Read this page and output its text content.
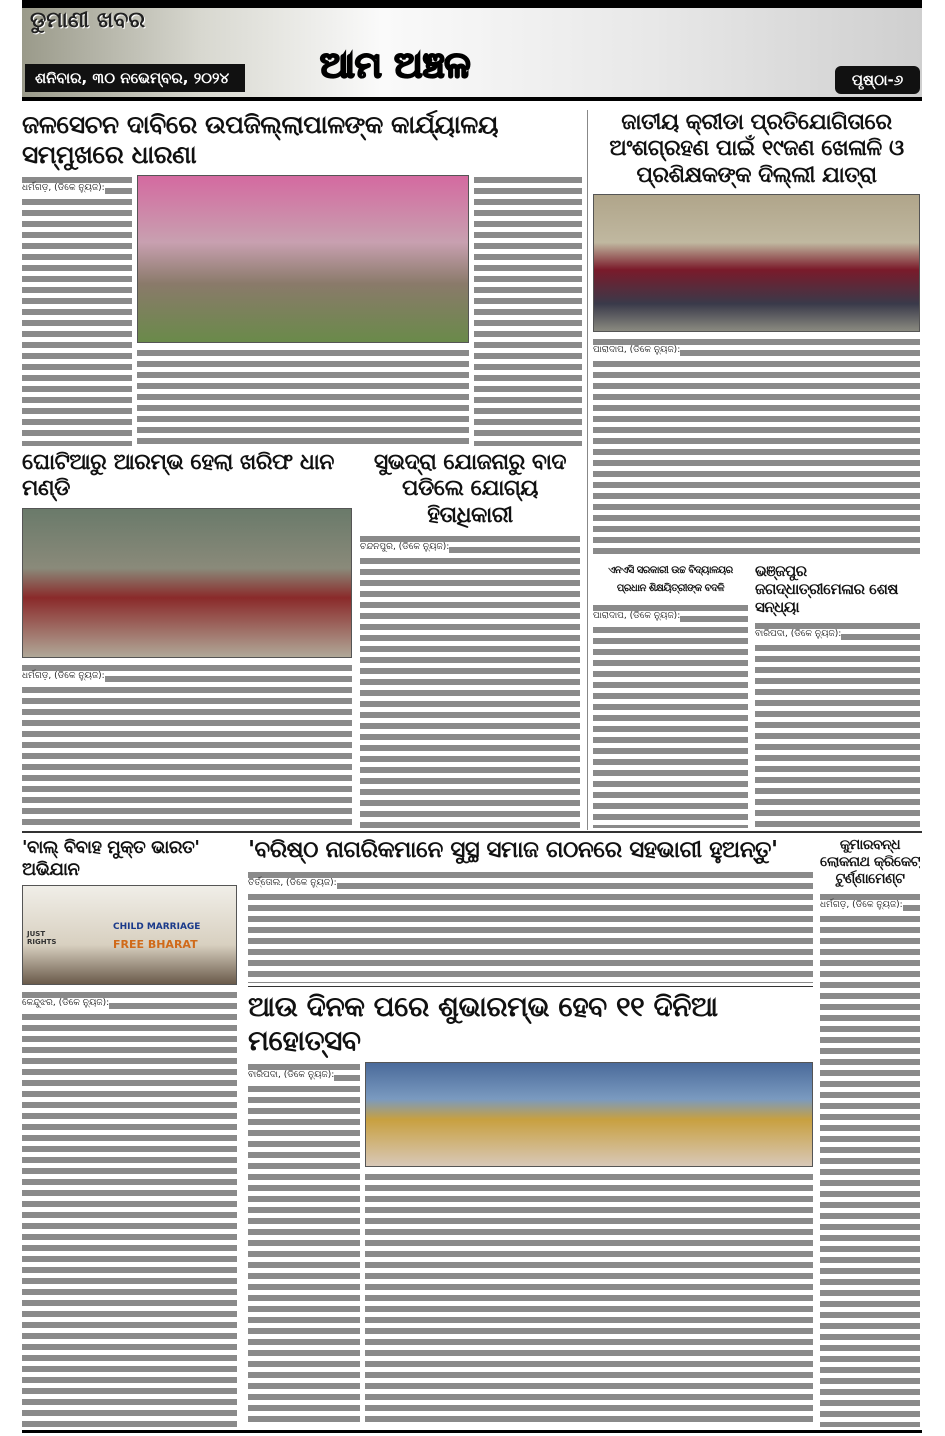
ଡୁମାଣୀ ଖବର
ଶନିବାର, ୩୦ ନଭେମ୍ବର, ୨୦୨୪	ଆମ ଅଞ୍ଚଳ	ପୃଷ୍ଠା-୬
ଜଳସେଚନ ଦାବିରେ ଉପଜିଲ୍ଲାପାଳଙ୍କ କାର୍ଯ୍ୟାଳୟ ସମ୍ମୁଖରେ ଧାରଣା
ଧର୍ମଗଡ଼, (ଡିକେ ନ୍ୟୁଜ):
ଜାତୀୟ କ୍ରୀଡା ପ୍ରତିଯୋଗିତାରେ ଅଂଶଗ୍ରହଣ ପାଇଁ ୧୯ଜଣ ଖେଳାଳି ଓ ପ୍ରଶିକ୍ଷକଙ୍କ ଦିଲ୍ଲୀ ଯାତ୍ରା
ପାରାଦାପ, (ଡିକେ ନ୍ୟୁଜ):
ଘୋଟିଆରୁ ଆରମ୍ଭ ହେଲା ଖରିଫ ଧାନ ମଣ୍ଡି
ଧର୍ମଗଡ଼, (ଡିକେ ନ୍ୟୁଜ):
ସୁଭଦ୍ରା ଯୋଜନାରୁ ବାଦ ପଡିଲେ ଯୋଗ୍ୟ ହିତାଧିକାରୀ
ଚନ୍ଦନପୁର, (ଡିକେ ନ୍ୟୁଜ):
ଏନଏସି ସରକାରୀ ଉଚ୍ଚ ବିଦ୍ୟାଳୟର ପ୍ରଧାନ ଶିକ୍ଷୟିତ୍ରୀଙ୍କ ବଦଳି
ପାରାଦାପ, (ଡିକେ ନ୍ୟୁଜ):
ଭଞ୍ଜପୁର ଜଗଦ୍ଧାତ୍ରୀମେଳାର ଶେଷ ସନ୍ଧ୍ୟା
ବାରିପଦା, (ଡିକେ ନ୍ୟୁଜ):
'ବାଲ୍ ବିବାହ ମୁକ୍ତ ଭାରତ' ଅଭିଯାନ
JUST RIGHTS
CHILD MARRIAGE
FREE BHARAT
କେନ୍ଦୁଝର, (ଡିକେ ନ୍ୟୁଜ):
'ବରିଷ୍ଠ ନାଗରିକମାନେ ସୁସ୍ଥ ସମାଜ ଗଠନରେ ସହଭାଗୀ ହୁଅନ୍ତୁ'
ତିର୍ତ୍ତୋଲ, (ଡିକେ ନ୍ୟୁଜ):
କୁମାରବନ୍ଧ ଲୋକନାଥ କ୍ରିକେଟ୍ ଟୁର୍ଣ୍ଣାମେଣ୍ଟ
ଧର୍ମଗଡ଼, (ଡିକେ ନ୍ୟୁଜ):
ଆଉ ଦିନକ ପରେ ଶୁଭାରମ୍ଭ ହେବ ୧୧ ଦିନିଆ ମହୋତ୍ସବ
ବାରିପଦା, (ଡିକେ ନ୍ୟୁଜ):
